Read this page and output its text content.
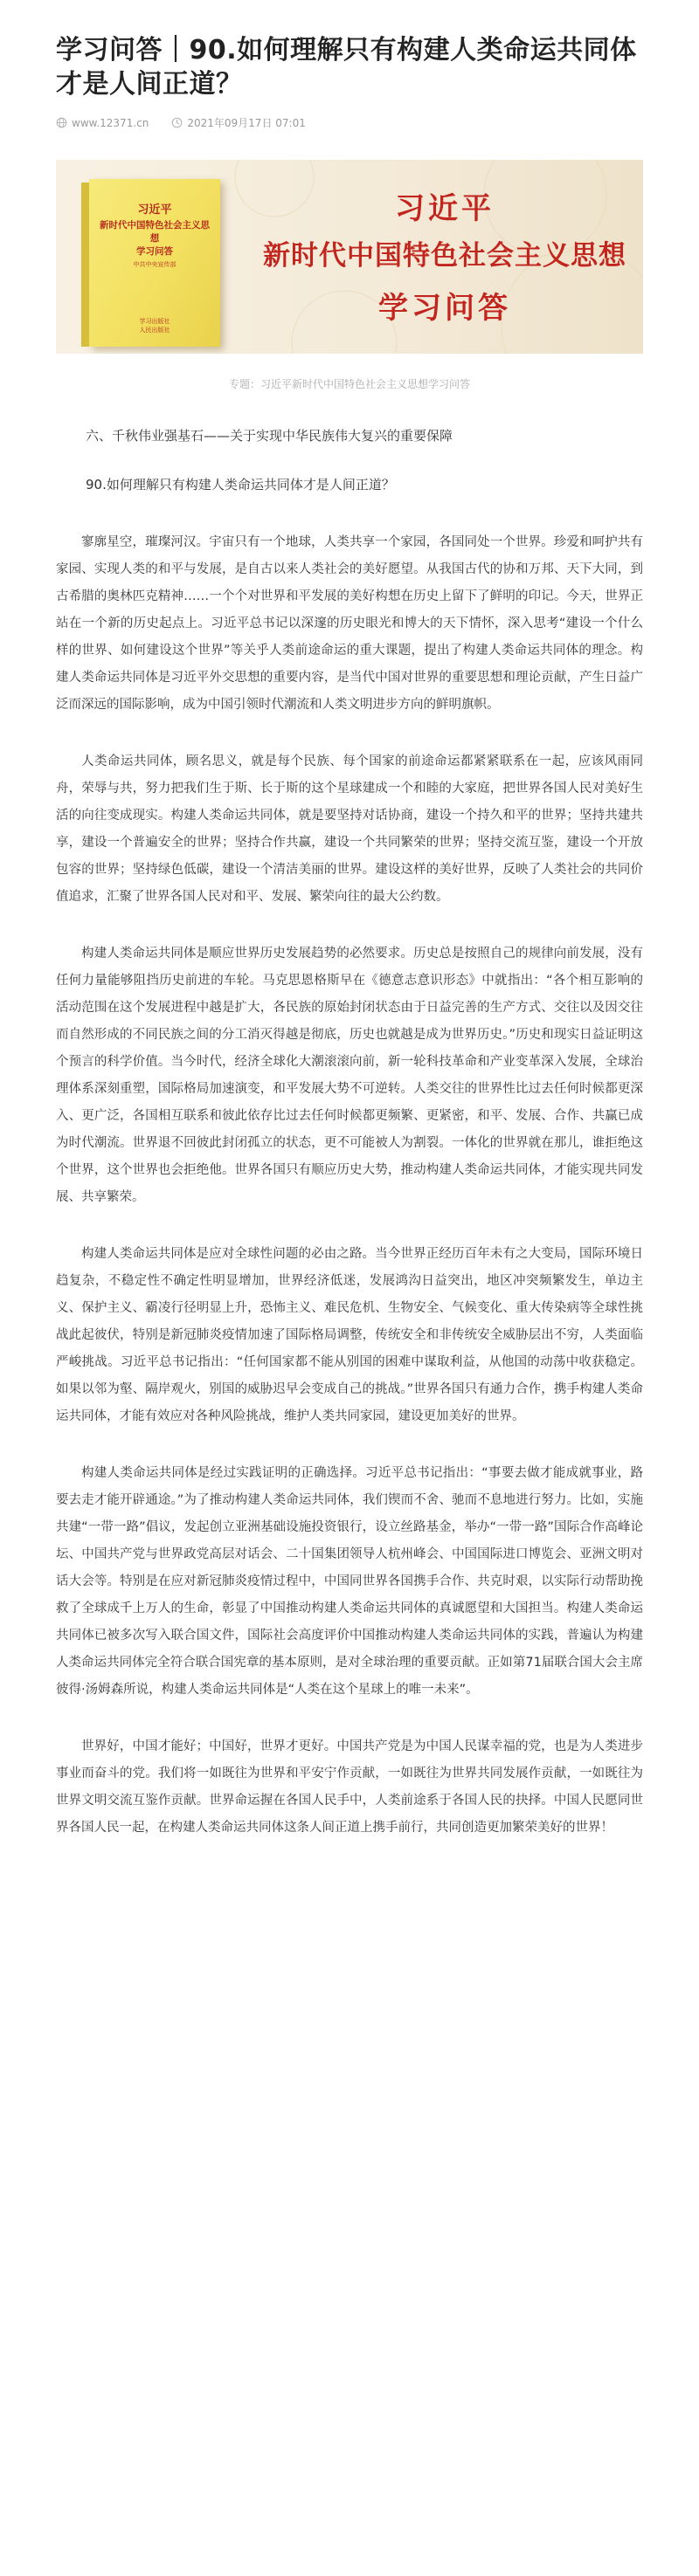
学习问答｜90.如何理解只有构建人类命运共同体才是人间正道？
www.12371.cn	2021年09月17日 07:01
习近平
新时代中国特色社会主义思想
学习问答
中共中央宣传部
学习出版社
人民出版社
习近平
新时代中国特色社会主义思想
学习问答
专题：习近平新时代中国特色社会主义思想学习问答

六、千秋伟业强基石——关于实现中华民族伟大复兴的重要保障

90.如何理解只有构建人类命运共同体才是人间正道？

寥廓星空，璀璨河汉。宇宙只有一个地球，人类共享一个家园，各国同处一个世界。珍爱和呵护共有家园、实现人类的和平与发展，是自古以来人类社会的美好愿望。从我国古代的协和万邦、天下大同，到古希腊的奥林匹克精神……一个个对世界和平发展的美好构想在历史上留下了鲜明的印记。今天，世界正站在一个新的历史起点上。习近平总书记以深邃的历史眼光和博大的天下情怀，深入思考“建设一个什么样的世界、如何建设这个世界”等关乎人类前途命运的重大课题，提出了构建人类命运共同体的理念。构建人类命运共同体是习近平外交思想的重要内容，是当代中国对世界的重要思想和理论贡献，产生日益广泛而深远的国际影响，成为中国引领时代潮流和人类文明进步方向的鲜明旗帜。

人类命运共同体，顾名思义，就是每个民族、每个国家的前途命运都紧紧联系在一起，应该风雨同舟，荣辱与共，努力把我们生于斯、长于斯的这个星球建成一个和睦的大家庭，把世界各国人民对美好生活的向往变成现实。构建人类命运共同体，就是要坚持对话协商，建设一个持久和平的世界；坚持共建共享，建设一个普遍安全的世界；坚持合作共赢，建设一个共同繁荣的世界；坚持交流互鉴，建设一个开放包容的世界；坚持绿色低碳，建设一个清洁美丽的世界。建设这样的美好世界，反映了人类社会的共同价值追求，汇聚了世界各国人民对和平、发展、繁荣向往的最大公约数。

构建人类命运共同体是顺应世界历史发展趋势的必然要求。历史总是按照自己的规律向前发展，没有任何力量能够阻挡历史前进的车轮。马克思恩格斯早在《德意志意识形态》中就指出：“各个相互影响的活动范围在这个发展进程中越是扩大，各民族的原始封闭状态由于日益完善的生产方式、交往以及因交往而自然形成的不同民族之间的分工消灭得越是彻底，历史也就越是成为世界历史。”历史和现实日益证明这个预言的科学价值。当今时代，经济全球化大潮滚滚向前，新一轮科技革命和产业变革深入发展，全球治理体系深刻重塑，国际格局加速演变，和平发展大势不可逆转。人类交往的世界性比过去任何时候都更深入、更广泛，各国相互联系和彼此依存比过去任何时候都更频繁、更紧密，和平、发展、合作、共赢已成为时代潮流。世界退不回彼此封闭孤立的状态，更不可能被人为割裂。一体化的世界就在那儿，谁拒绝这个世界，这个世界也会拒绝他。世界各国只有顺应历史大势，推动构建人类命运共同体，才能实现共同发展、共享繁荣。

构建人类命运共同体是应对全球性问题的必由之路。当今世界正经历百年未有之大变局，国际环境日趋复杂，不稳定性不确定性明显增加，世界经济低迷，发展鸿沟日益突出，地区冲突频繁发生，单边主义、保护主义、霸凌行径明显上升，恐怖主义、难民危机、生物安全、气候变化、重大传染病等全球性挑战此起彼伏，特别是新冠肺炎疫情加速了国际格局调整，传统安全和非传统安全威胁层出不穷，人类面临严峻挑战。习近平总书记指出：“任何国家都不能从别国的困难中谋取利益，从他国的动荡中收获稳定。如果以邻为壑、隔岸观火，别国的威胁迟早会变成自己的挑战。”世界各国只有通力合作，携手构建人类命运共同体，才能有效应对各种风险挑战，维护人类共同家园，建设更加美好的世界。

构建人类命运共同体是经过实践证明的正确选择。习近平总书记指出：“事要去做才能成就事业，路要去走才能开辟通途。”为了推动构建人类命运共同体，我们锲而不舍、驰而不息地进行努力。比如，实施共建“一带一路”倡议，发起创立亚洲基础设施投资银行，设立丝路基金，举办“一带一路”国际合作高峰论坛、中国共产党与世界政党高层对话会、二十国集团领导人杭州峰会、中国国际进口博览会、亚洲文明对话大会等。特别是在应对新冠肺炎疫情过程中，中国同世界各国携手合作、共克时艰，以实际行动帮助挽救了全球成千上万人的生命，彰显了中国推动构建人类命运共同体的真诚愿望和大国担当。构建人类命运共同体已被多次写入联合国文件，国际社会高度评价中国推动构建人类命运共同体的实践，普遍认为构建人类命运共同体完全符合联合国宪章的基本原则，是对全球治理的重要贡献。正如第71届联合国大会主席彼得·汤姆森所说，构建人类命运共同体是“人类在这个星球上的唯一未来”。

世界好，中国才能好；中国好，世界才更好。中国共产党是为中国人民谋幸福的党，也是为人类进步事业而奋斗的党。我们将一如既往为世界和平安宁作贡献，一如既往为世界共同发展作贡献，一如既往为世界文明交流互鉴作贡献。世界命运握在各国人民手中，人类前途系于各国人民的抉择。中国人民愿同世界各国人民一起，在构建人类命运共同体这条人间正道上携手前行，共同创造更加繁荣美好的世界！
